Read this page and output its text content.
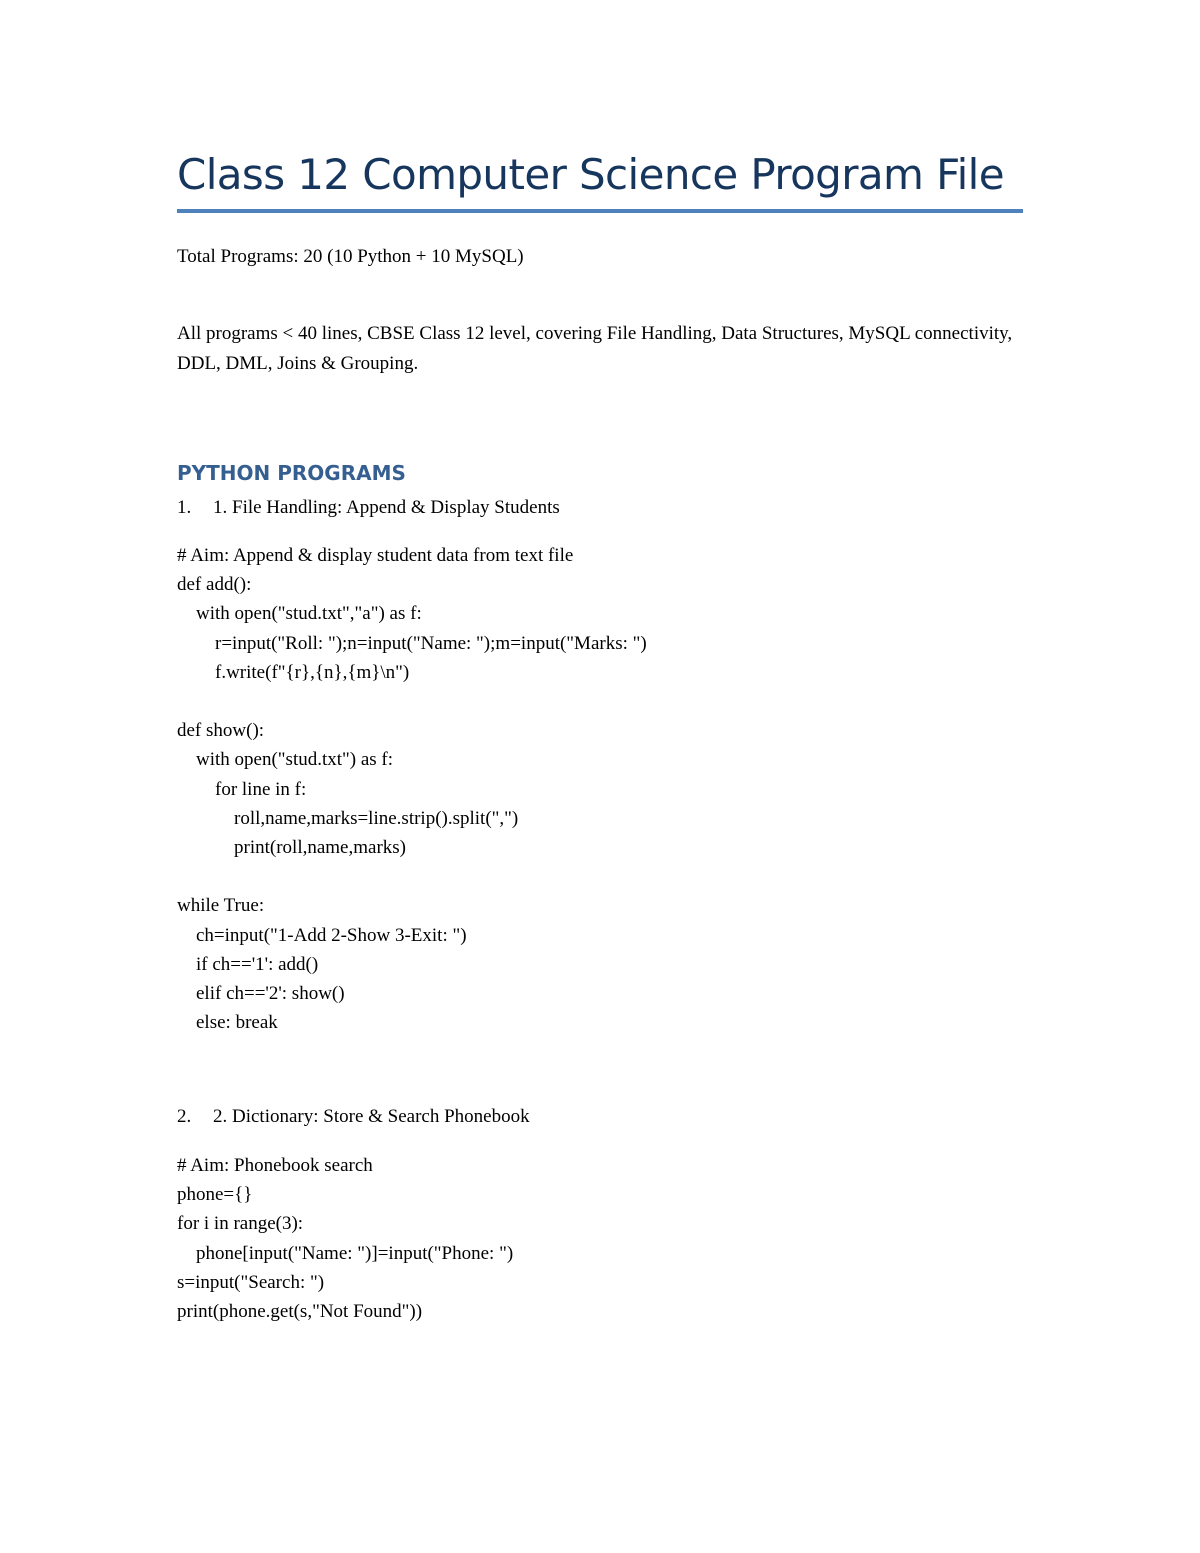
Class 12 Computer Science Program File
Total Programs: 20 (10 Python + 10 MySQL)
All programs < 40 lines, CBSE Class 12 level, covering File Handling, Data Structures, MySQL connectivity, DDL, DML, Joins & Grouping.
PYTHON PROGRAMS
1. 1. File Handling: Append & Display Students
# Aim: Append & display student data from text file
def add():
with open("stud.txt","a") as f:
r=input("Roll: ");n=input("Name: ");m=input("Marks: ")
f.write(f"{r},{n},{m}\n")

def show():
with open("stud.txt") as f:
for line in f:
roll,name,marks=line.strip().split(",")
print(roll,name,marks)

while True:
ch=input("1-Add 2-Show 3-Exit: ")
if ch=='1': add()
elif ch=='2': show()
else: break
2. 2. Dictionary: Store & Search Phonebook
# Aim: Phonebook search
phone={}
for i in range(3):
phone[input("Name: ")]=input("Phone: ")
s=input("Search: ")
print(phone.get(s,"Not Found"))
